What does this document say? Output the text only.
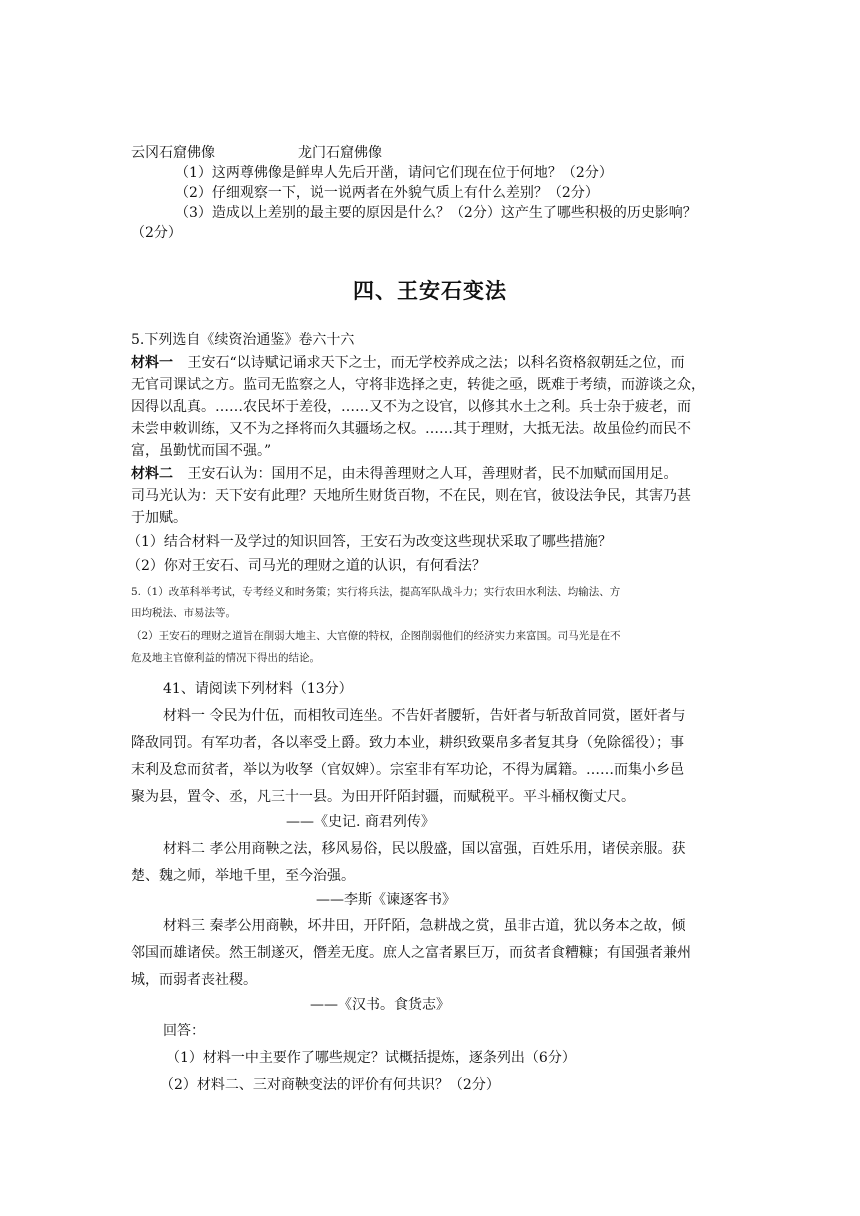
云冈石窟佛像	龙门石窟佛像
（1）这两尊佛像是鲜卑人先后开凿，请问它们现在位于何地？（2分）
（2）仔细观察一下，说一说两者在外貌气质上有什么差别？（2分）
（3）造成以上差别的最主要的原因是什么？（2分）这产生了哪些积极的历史影响？
（2分）
四、王安石变法
5.下列选自《续资治通鉴》卷六十六
材料一 王安石“以诗赋记诵求天下之士，而无学校养成之法；以科名资格叙朝廷之位，而
无官司课试之方。监司无监察之人，守将非选择之吏，转徙之亟，既难于考绩，而游谈之众，
因得以乱真。……农民坏于差役，……又不为之设官，以修其水土之利。兵士杂于疲老，而
未尝申敕训练，又不为之择将而久其疆场之权。……其于理财，大抵无法。故虽俭约而民不
富，虽勤忧而国不强。”
材料二 王安石认为：国用不足，由未得善理财之人耳，善理财者，民不加赋而国用足。
司马光认为：天下安有此理？天地所生财货百物，不在民，则在官，彼设法争民，其害乃甚
于加赋。
（1）结合材料一及学过的知识回答，王安石为改变这些现状采取了哪些措施？
（2）你对王安石、司马光的理财之道的认识，有何看法？
5.（1）改革科举考试，专考经义和时务策；实行将兵法，提高军队战斗力；实行农田水利法、均输法、方
田均税法、市易法等。
（2）王安石的理财之道旨在削弱大地主、大官僚的特权，企图削弱他们的经济实力来富国。司马光是在不
危及地主官僚利益的情况下得出的结论。
41、请阅读下列材料（13分）
材料一 令民为什伍，而相牧司连坐。不告奸者腰斩，告奸者与斩敌首同赏，匿奸者与
降敌同罚。有军功者，各以率受上爵。致力本业，耕织致粟帛多者复其身（免除徭役）；事
末利及怠而贫者，举以为收孥（官奴婢）。宗室非有军功论，不得为属籍。……而集小乡邑
聚为县，置令、丞，凡三十一县。为田开阡陌封疆，而赋税平。平斗桶权衡丈尺。
——《史记. 商君列传》
材料二 孝公用商鞅之法，移风易俗，民以殷盛，国以富强，百姓乐用，诸侯亲服。获
楚、魏之师，举地千里，至今治强。
——李斯《谏逐客书》
材料三 秦孝公用商鞅，坏井田，开阡陌，急耕战之赏，虽非古道，犹以务本之故，倾
邻国而雄诸侯。然王制遂灭，僭差无度。庶人之富者累巨万，而贫者食糟糠；有国强者兼州
城，而弱者丧社稷。
——《汉书。食货志》
回答：
（1）材料一中主要作了哪些规定？试概括提炼，逐条列出（6分）
（2）材料二、三对商鞅变法的评价有何共识？（2分）
